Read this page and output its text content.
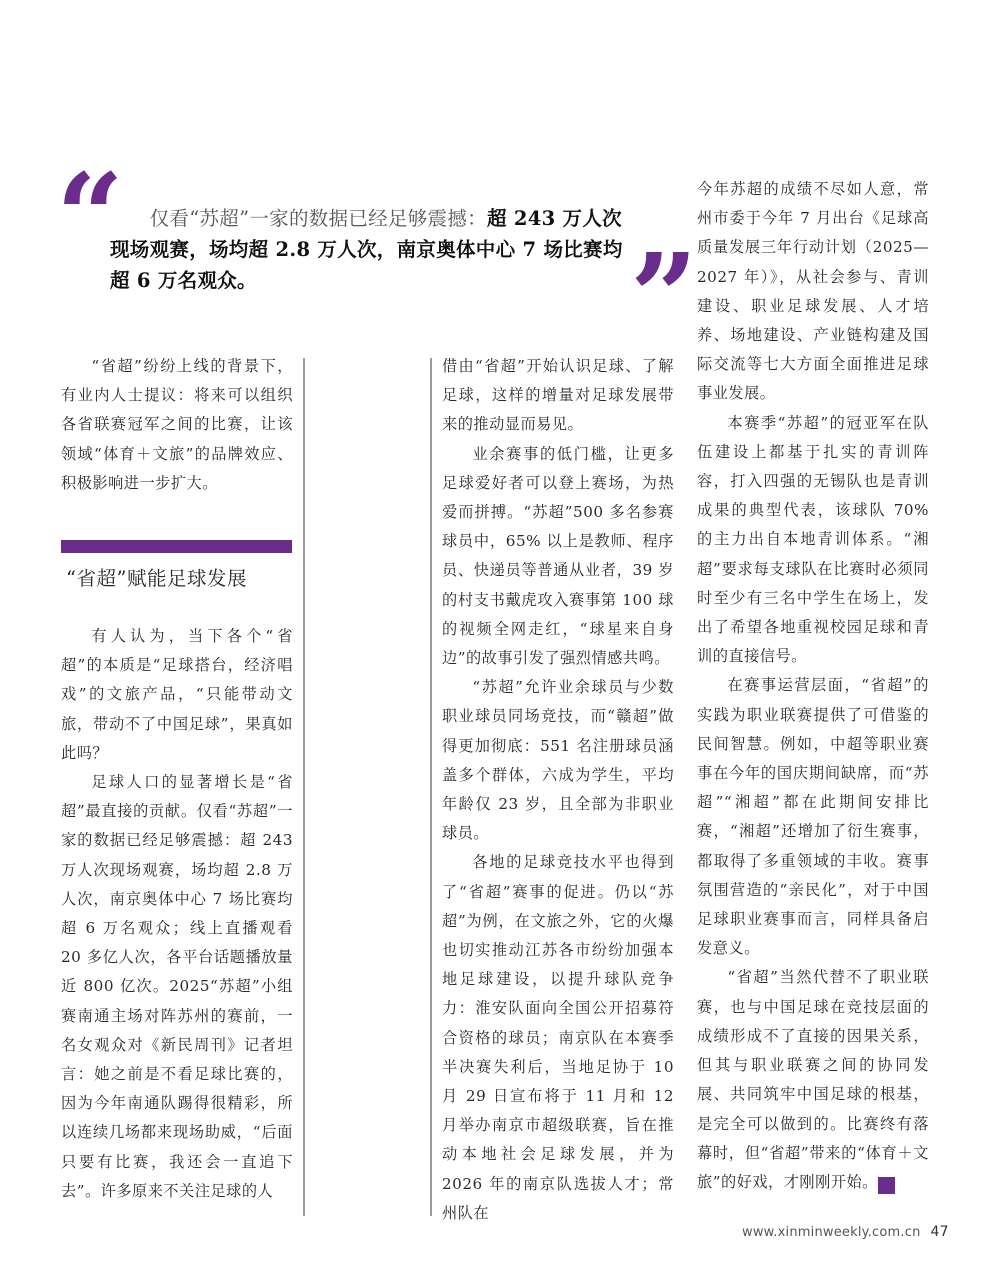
“
  	仅看“苏超”一家的数据已经足够震撼：超 243 万人次现场观赛，场均超 2.8 万人次，南京奥体中心 7 场比赛均超 6 万名观众。	”

“省超”纷纷上线的背景下，有业内人士提议：将来可以组织各省联赛冠军之间的比赛，让该领域“体育＋文旅”的品牌效应、积极影响进一步扩大。

“省超”赋能足球发展

有人认为，当下各个“省超”的本质是“足球搭台，经济唱戏”的文旅产品，“只能带动文旅，带动不了中国足球”，果真如此吗？

足球人口的显著增长是“省超”最直接的贡献。仅看“苏超”一家的数据已经足够震撼：超 243 万人次现场观赛，场均超 2.8 万人次，南京奥体中心 7 场比赛均超 6 万名观众；线上直播观看 20 多亿人次，各平台话题播放量近 800 亿次。2025“苏超”小组赛南通主场对阵苏州的赛前，一名女观众对《新民周刊》记者坦言：她之前是不看足球比赛的，因为今年南通队踢得很精彩，所以连续几场都来现场助威，“后面只要有比赛，我还会一直追下去”。许多原来不关注足球的人

借由“省超”开始认识足球、了解足球，这样的增量对足球发展带来的推动显而易见。

业余赛事的低门槛，让更多足球爱好者可以登上赛场，为热爱而拼搏。“苏超”500 多名参赛球员中，65% 以上是教师、程序员、快递员等普通从业者，39 岁的村支书戴虎攻入赛事第 100 球的视频全网走红，“球星来自身边”的故事引发了强烈情感共鸣。

“苏超”允许业余球员与少数职业球员同场竞技，而“赣超”做得更加彻底：551 名注册球员涵盖多个群体，六成为学生，平均年龄仅 23 岁，且全部为非职业球员。

各地的足球竞技水平也得到了“省超”赛事的促进。仍以“苏超”为例，在文旅之外，它的火爆也切实推动江苏各市纷纷加强本地足球建设，以提升球队竞争力：淮安队面向全国公开招募符合资格的球员；南京队在本赛季半决赛失利后，当地足协于 10 月 29 日宣布将于 11 月和 12 月举办南京市超级联赛，旨在推动本地社会足球发展，并为 2026 年的南京队选拔人才；常州队在

今年苏超的成绩不尽如人意，常州市委于今年 7 月出台《足球高质量发展三年行动计划（2025—2027 年）》，从社会参与、青训建设、职业足球发展、人才培养、场地建设、产业链构建及国际交流等七大方面全面推进足球事业发展。

本赛季“苏超”的冠亚军在队伍建设上都基于扎实的青训阵容，打入四强的无锡队也是青训成果的典型代表，该球队 70% 的主力出自本地青训体系。“湘超”要求每支球队在比赛时必须同时至少有三名中学生在场上，发出了希望各地重视校园足球和青训的直接信号。

在赛事运营层面，“省超”的实践为职业联赛提供了可借鉴的民间智慧。例如，中超等职业赛事在今年的国庆期间缺席，而“苏超”“湘超”都在此期间安排比赛，“湘超”还增加了衍生赛事，都取得了多重领域的丰收。赛事氛围营造的“亲民化”，对于中国足球职业赛事而言，同样具备启发意义。

“省超”当然代替不了职业联赛，也与中国足球在竞技层面的成绩形成不了直接的因果关系，但其与职业联赛之间的协同发展、共同筑牢中国足球的根基，是完全可以做到的。比赛终有落幕时，但“省超”带来的“体育＋文旅”的好戏，才刚刚开始。	民

www.xinminweekly.com.cn 47
